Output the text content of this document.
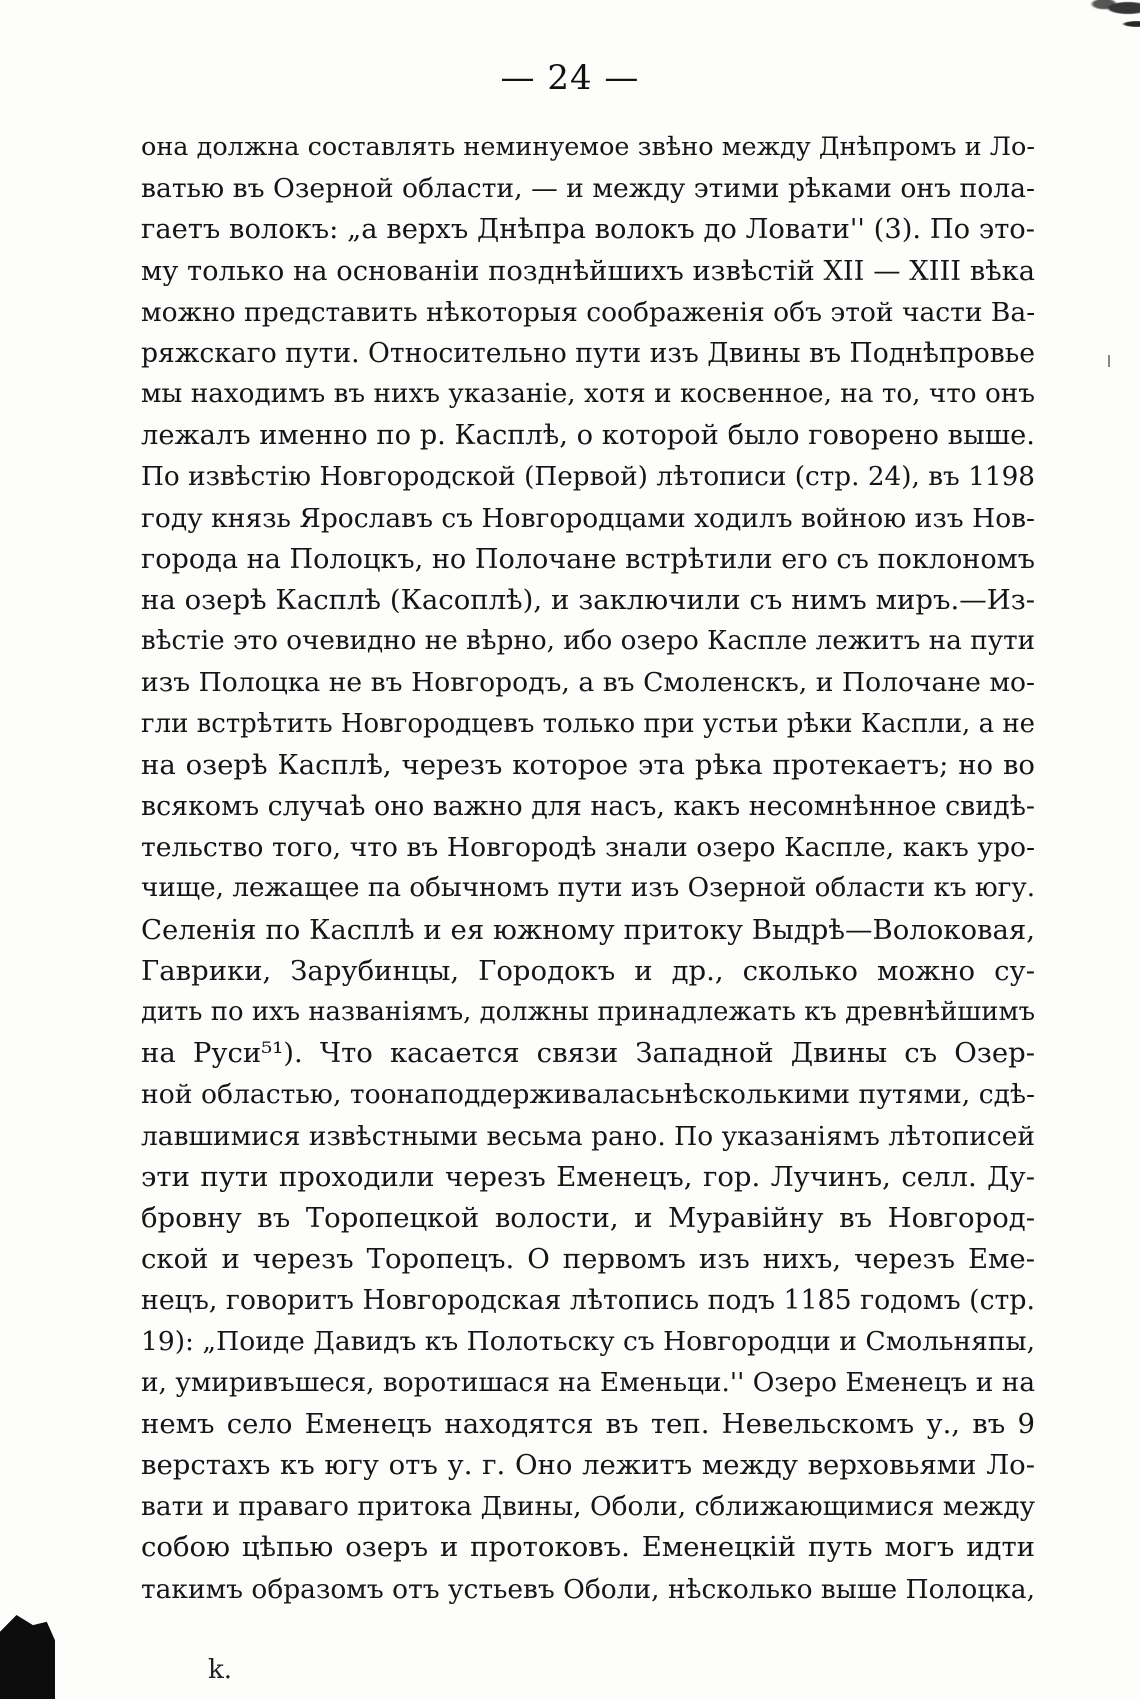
— 24 —
она должна составлять неминуемое звѣно между Днѣпромъ и Ло-
ватью въ Озерной области, — и между этими рѣками онъ пола-
гаетъ волокъ: „а верхъ Днѣпра волокъ до Ловати'' (3). По это-
му только на основаніи позднѣйшихъ извѣстій XII — XIII вѣка
можно представить нѣкоторыя соображенія объ этой части Ва-
ряжскаго пути. Относительно пути изъ Двины въ Поднѣпровье
мы находимъ въ нихъ указаніе, хотя и косвенное, на то, что онъ
лежалъ именно по р. Касплѣ, о которой было говорено выше.
По извѣстію Новгородской (Первой) лѣтописи (стр. 24), въ 1198
году князь Ярославъ съ Новгородцами ходилъ войною изъ Нов-
города на Полоцкъ, но Полочане встрѣтили его съ поклономъ
на озерѣ Касплѣ (Касоплѣ), и заключили съ нимъ миръ.—Из-
вѣстіе это очевидно не вѣрно, ибо озеро Каспле лежитъ на пути
изъ Полоцка не въ Новгородъ, а въ Смоленскъ, и Полочане мо-
гли встрѣтить Новгородцевъ только при устьи рѣки Каспли, а не
на озерѣ Касплѣ, черезъ которое эта рѣка протекаетъ; но во
всякомъ случаѣ оно важно для насъ, какъ несомнѣнное свидѣ-
тельство того, что въ Новгородѣ знали озеро Каспле, какъ уро-
чище, лежащее па обычномъ пути изъ Озерной области къ югу.
Селенія по Касплѣ и ея южному притоку Выдрѣ—Волоковая,
Гаврики, Зарубинцы, Городокъ и др., сколько можно су-
дить по ихъ названіямъ, должны принадлежать къ древнѣйшимъ
на Руси⁵¹). Что касается связи Западной Двины съ Озер-
ной областью, тоонаподдерживаласьнѣсколькими путями, сдѣ-
лавшимися извѣстными весьма рано. По указаніямъ лѣтописей
эти пути проходили черезъ Еменецъ, гор. Лучинъ, селл. Ду-
бровну въ Торопецкой волости, и Муравійну въ Новгород-
ской и черезъ Торопецъ. О первомъ изъ нихъ, черезъ Еме-
нецъ, говоритъ Новгородская лѣтопись подъ 1185 годомъ (стр.
19): „Поиде Давидъ къ Полотьску съ Новгородци и Смольняпы,
и, умиривъшеся, воротишася на Еменьци.'' Озеро Еменецъ и на
немъ село Еменецъ находятся въ теп. Невельскомъ у., въ 9
верстахъ къ югу отъ у. г. Оно лежитъ между верховьями Ло-
вати и праваго притока Двины, Оболи, сближающимися между
собою цѣпью озеръ и протоковъ. Еменецкій путь могъ идти
такимъ образомъ отъ устьевъ Оболи, нѣсколько выше Полоцка,
k.
